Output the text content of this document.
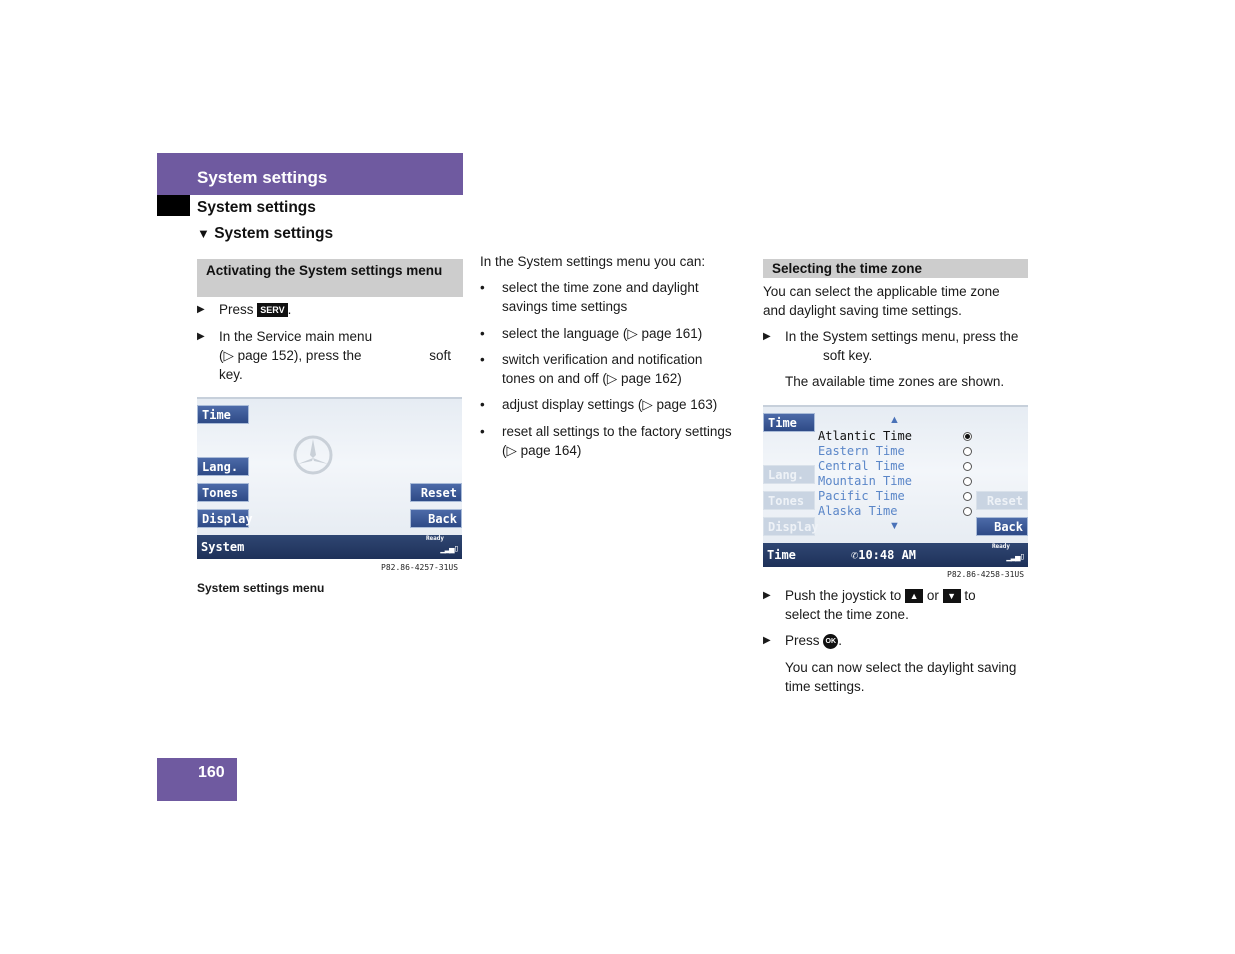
System settings
System settings
▼ System settings
Activating the System settings menu
▶ Press SERV .
▶ In the Service main menu
(▷ page 152), press the	soft
key.
Time
Lang.
Tones
Display
Reset
Back
System
Ready
▁▂▄▯
P82.86-4257-31US
System settings menu
In the System settings menu you can:
• select the time zone and daylight
savings time settings
• select the language (▷ page 161)
• switch verification and notification
tones on and off (▷ page 162)
• adjust display settings (▷ page 163)
• reset all settings to the factory settings
(▷ page 164)
Selecting the time zone
You can select the applicable time zone
and daylight saving time settings.
▶ In the System settings menu, press the
soft key.
The available time zones are shown.
▲
▼
Time
Lang.
Tones
Display
Reset
Back
Atlantic Time
Eastern Time
Central Time
Mountain Time
Pacific Time
Alaska Time
Time	✆10:48 AM
Ready
▁▂▄▯
P82.86-4258-31US
▶ Push the joystick to ▲ or ▼ to
select the time zone.
▶ Press OK .
You can now select the daylight saving
time settings.
160
